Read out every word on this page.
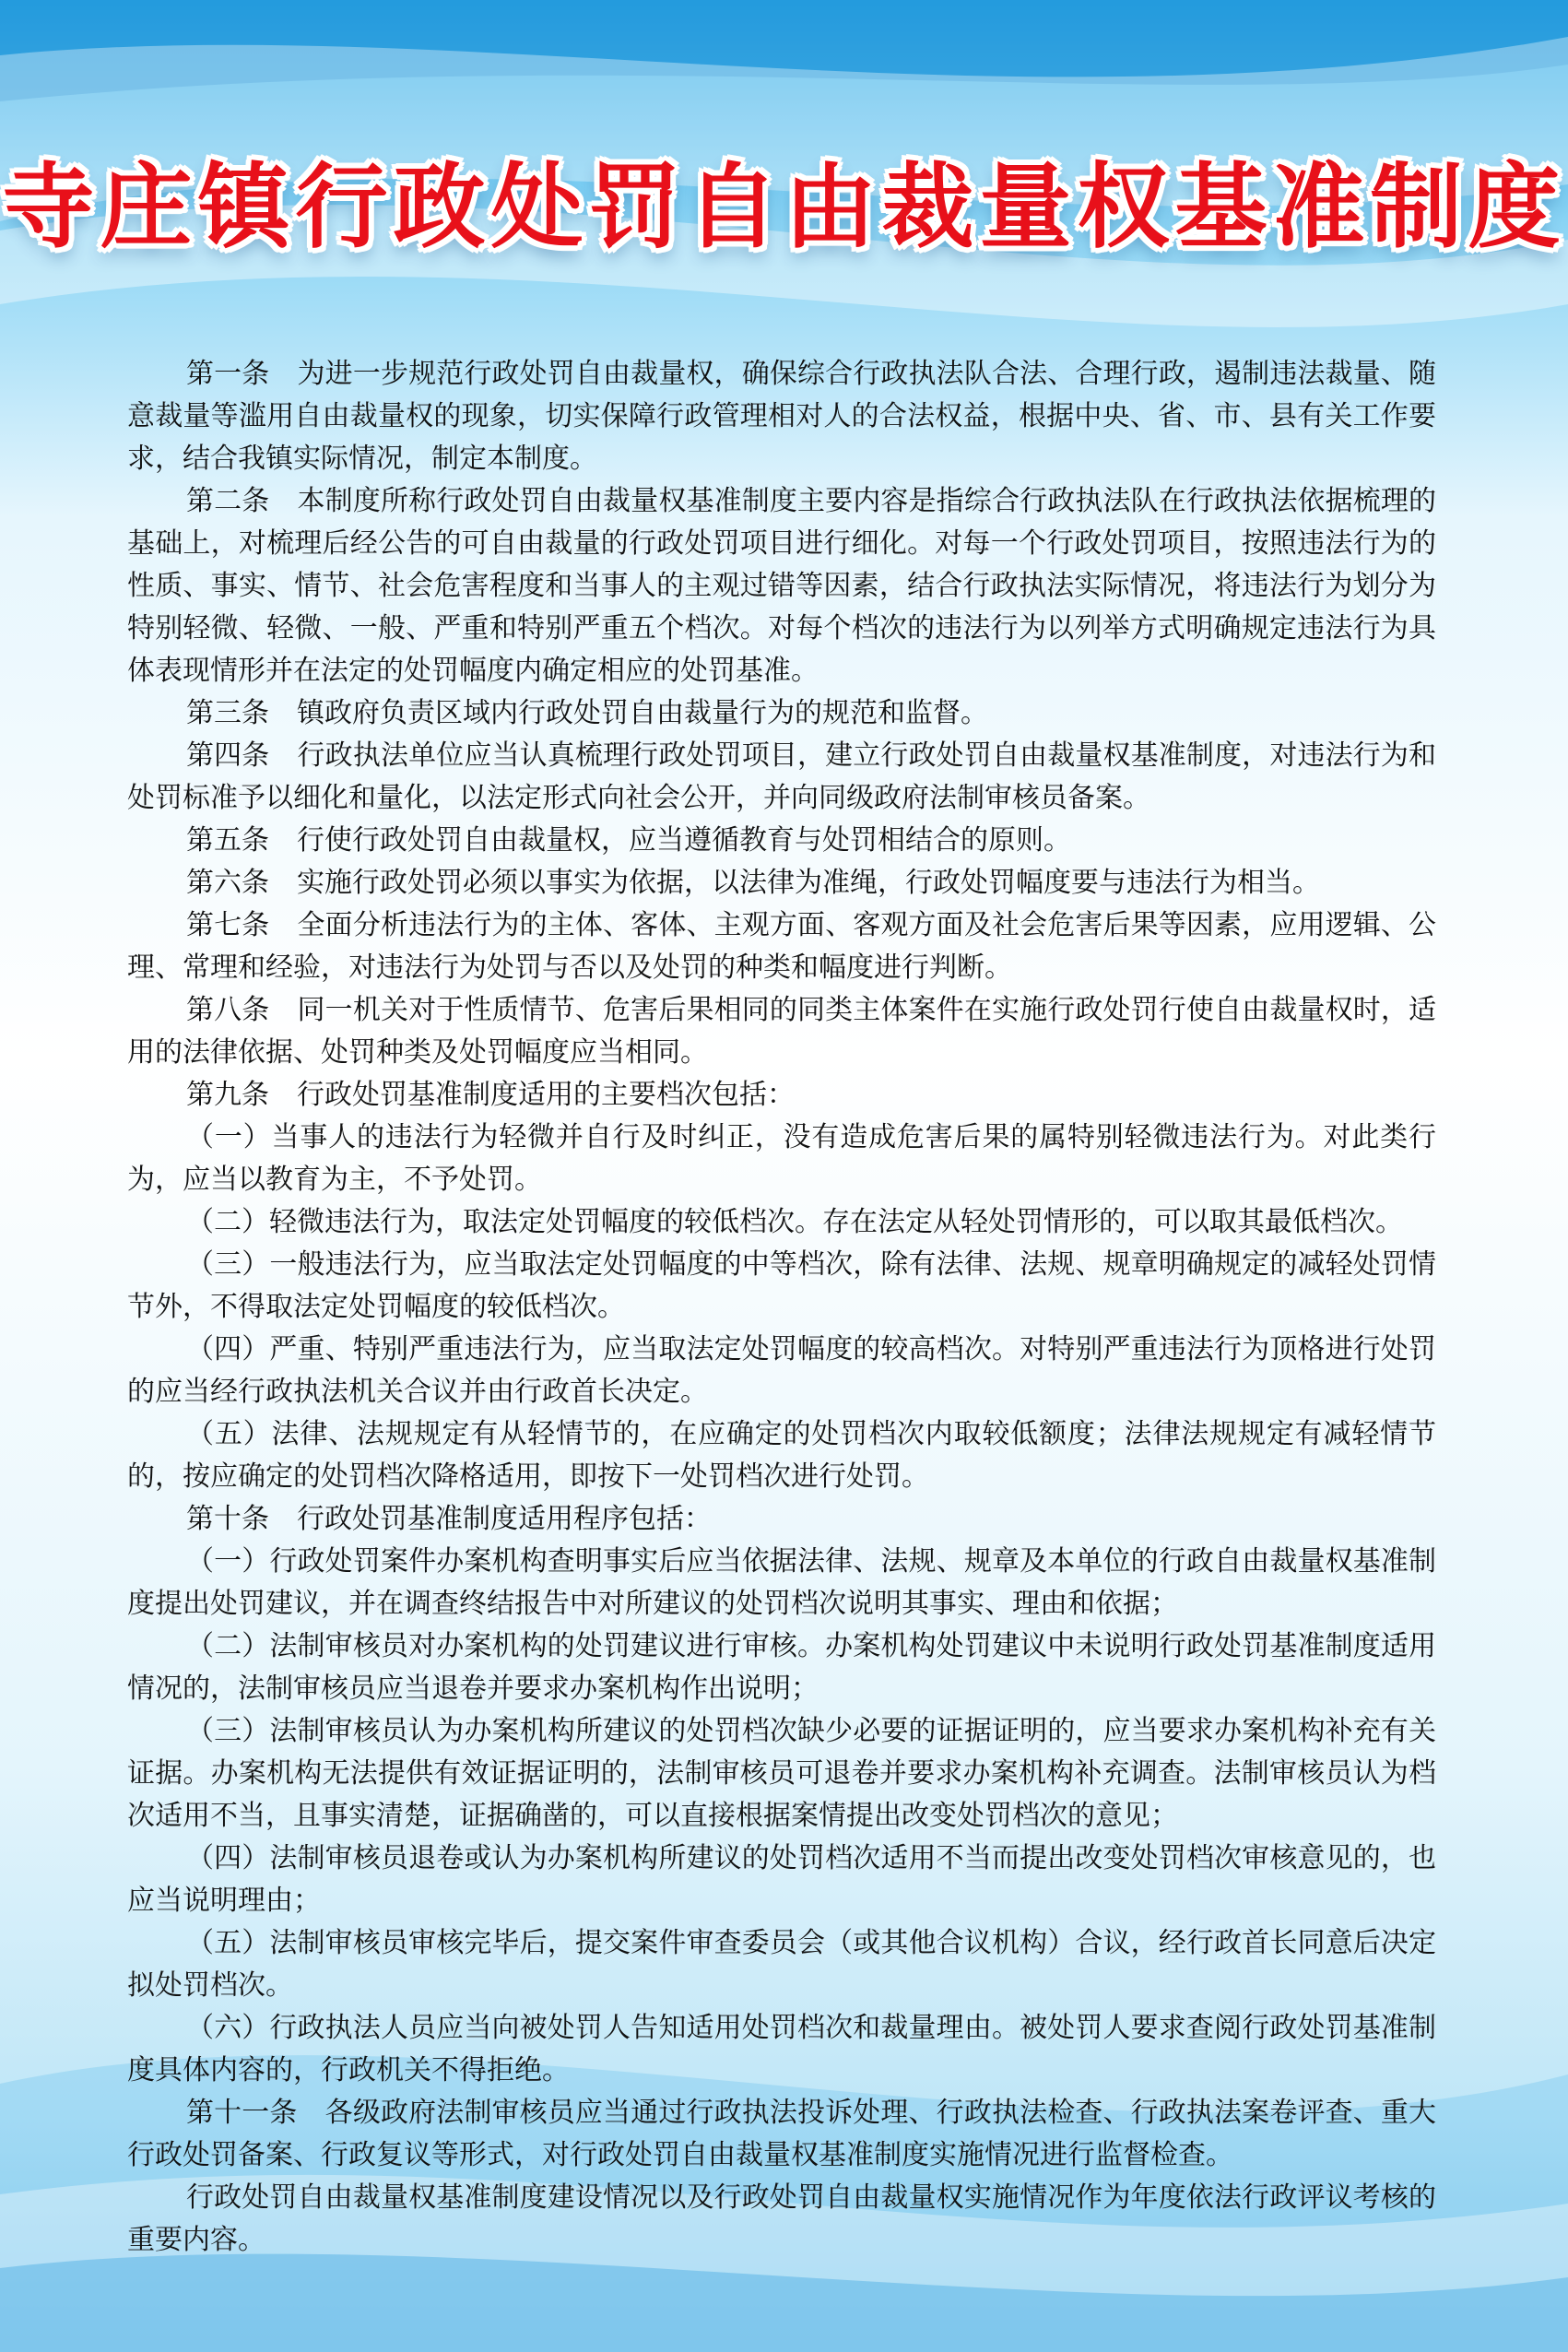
寺庄镇行政处罚自由裁量权基准制度

第一条　为进一步规范行政处罚自由裁量权，确保综合行政执法队合法、合理行政，遏制违法裁量、随意裁量等滥用自由裁量权的现象，切实保障行政管理相对人的合法权益，根据中央、省、市、县有关工作要求，结合我镇实际情况，制定本制度。

第二条　本制度所称行政处罚自由裁量权基准制度主要内容是指综合行政执法队在行政执法依据梳理的基础上，对梳理后经公告的可自由裁量的行政处罚项目进行细化。对每一个行政处罚项目，按照违法行为的性质、事实、情节、社会危害程度和当事人的主观过错等因素，结合行政执法实际情况，将违法行为划分为特别轻微、轻微、一般、严重和特别严重五个档次。对每个档次的违法行为以列举方式明确规定违法行为具体表现情形并在法定的处罚幅度内确定相应的处罚基准。

第三条　镇政府负责区域内行政处罚自由裁量行为的规范和监督。

第四条　行政执法单位应当认真梳理行政处罚项目，建立行政处罚自由裁量权基准制度，对违法行为和处罚标准予以细化和量化，以法定形式向社会公开，并向同级政府法制审核员备案。

第五条　行使行政处罚自由裁量权，应当遵循教育与处罚相结合的原则。

第六条　实施行政处罚必须以事实为依据，以法律为准绳，行政处罚幅度要与违法行为相当。

第七条　全面分析违法行为的主体、客体、主观方面、客观方面及社会危害后果等因素，应用逻辑、公理、常理和经验，对违法行为处罚与否以及处罚的种类和幅度进行判断。

第八条　同一机关对于性质情节、危害后果相同的同类主体案件在实施行政处罚行使自由裁量权时，适用的法律依据、处罚种类及处罚幅度应当相同。

第九条　行政处罚基准制度适用的主要档次包括：

（一）当事人的违法行为轻微并自行及时纠正，没有造成危害后果的属特别轻微违法行为。对此类行为，应当以教育为主，不予处罚。

（二）轻微违法行为，取法定处罚幅度的较低档次。存在法定从轻处罚情形的，可以取其最低档次。

（三）一般违法行为，应当取法定处罚幅度的中等档次，除有法律、法规、规章明确规定的减轻处罚情节外，不得取法定处罚幅度的较低档次。

（四）严重、特别严重违法行为，应当取法定处罚幅度的较高档次。对特别严重违法行为顶格进行处罚的应当经行政执法机关合议并由行政首长决定。

（五）法律、法规规定有从轻情节的，在应确定的处罚档次内取较低额度；法律法规规定有减轻情节的，按应确定的处罚档次降格适用，即按下一处罚档次进行处罚。

第十条　行政处罚基准制度适用程序包括：

（一）行政处罚案件办案机构查明事实后应当依据法律、法规、规章及本单位的行政自由裁量权基准制度提出处罚建议，并在调查终结报告中对所建议的处罚档次说明其事实、理由和依据；

（二）法制审核员对办案机构的处罚建议进行审核。办案机构处罚建议中未说明行政处罚基准制度适用情况的，法制审核员应当退卷并要求办案机构作出说明；

（三）法制审核员认为办案机构所建议的处罚档次缺少必要的证据证明的，应当要求办案机构补充有关证据。办案机构无法提供有效证据证明的，法制审核员可退卷并要求办案机构补充调查。法制审核员认为档次适用不当，且事实清楚，证据确凿的，可以直接根据案情提出改变处罚档次的意见；

（四）法制审核员退卷或认为办案机构所建议的处罚档次适用不当而提出改变处罚档次审核意见的，也应当说明理由；

（五）法制审核员审核完毕后，提交案件审查委员会（或其他合议机构）合议，经行政首长同意后决定拟处罚档次。

（六）行政执法人员应当向被处罚人告知适用处罚档次和裁量理由。被处罚人要求查阅行政处罚基准制度具体内容的，行政机关不得拒绝。

第十一条　各级政府法制审核员应当通过行政执法投诉处理、行政执法检查、行政执法案卷评查、重大行政处罚备案、行政复议等形式，对行政处罚自由裁量权基准制度实施情况进行监督检查。

行政处罚自由裁量权基准制度建设情况以及行政处罚自由裁量权实施情况作为年度依法行政评议考核的重要内容。
